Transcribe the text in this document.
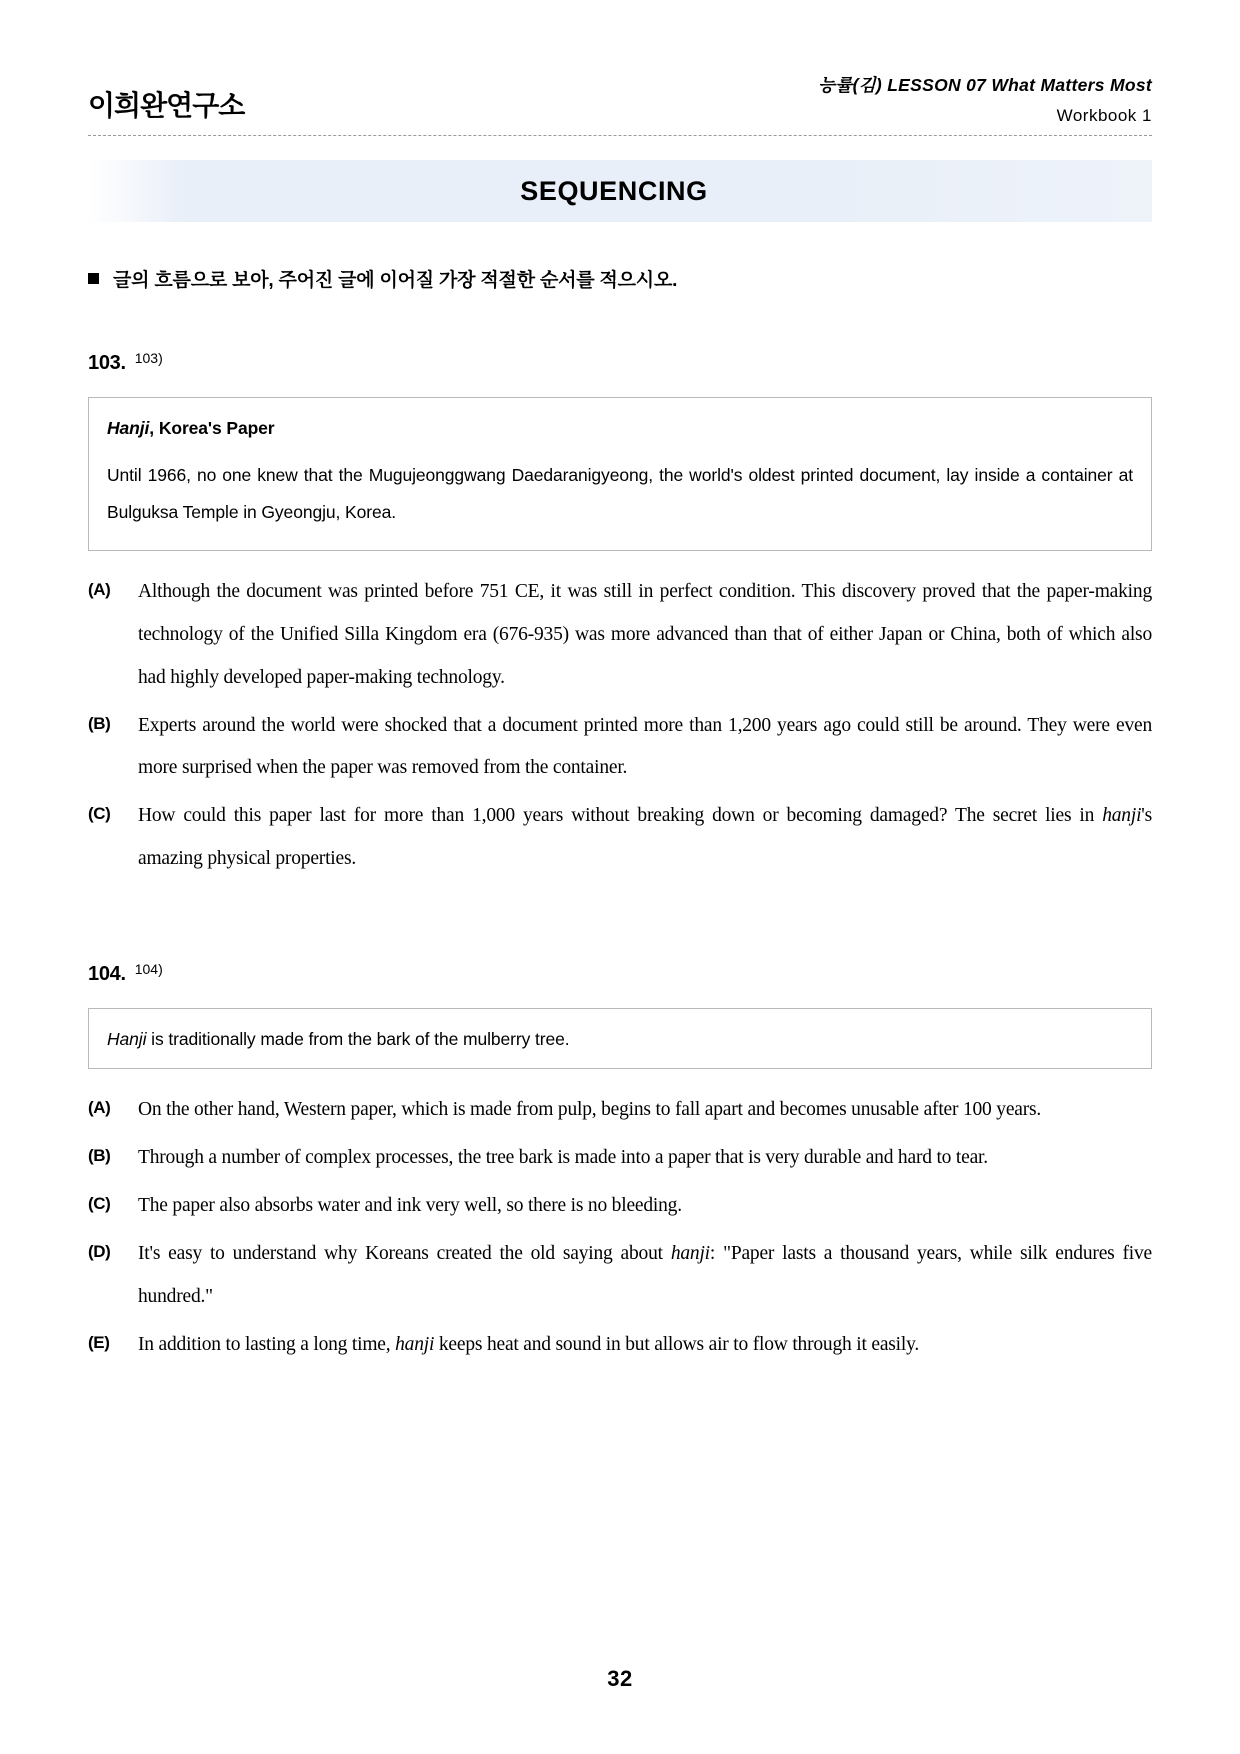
이희완연구소
능률(김) LESSON 07 What Matters Most
Workbook 1
SEQUENCING
글의 흐름으로 보아, 주어진 글에 이어질 가장 적절한 순서를 적으시오.
103. 103)
Hanji, Korea's Paper
Until 1966, no one knew that the Mugujeonggwang Daedaranigyeong, the world's oldest printed document, lay inside a container at Bulguksa Temple in Gyeongju, Korea.
(A)	Although the document was printed before 751 CE, it was still in perfect condition. This discovery proved that the paper-making technology of the Unified Silla Kingdom era (676-935) was more advanced than that of either Japan or China, both of which also had highly developed paper-making technology.
(B)	Experts around the world were shocked that a document printed more than 1,200 years ago could still be around. They were even more surprised when the paper was removed from the container.
(C)	How could this paper last for more than 1,000 years without breaking down or becoming damaged? The secret lies in hanji's amazing physical properties.
104. 104)
Hanji is traditionally made from the bark of the mulberry tree.
(A)	On the other hand, Western paper, which is made from pulp, begins to fall apart and becomes unusable after 100 years.
(B)	Through a number of complex processes, the tree bark is made into a paper that is very durable and hard to tear.
(C)	The paper also absorbs water and ink very well, so there is no bleeding.
(D)	It's easy to understand why Koreans created the old saying about hanji: "Paper lasts a thousand years, while silk endures five hundred."
(E)	In addition to lasting a long time, hanji keeps heat and sound in but allows air to flow through it easily.
32
